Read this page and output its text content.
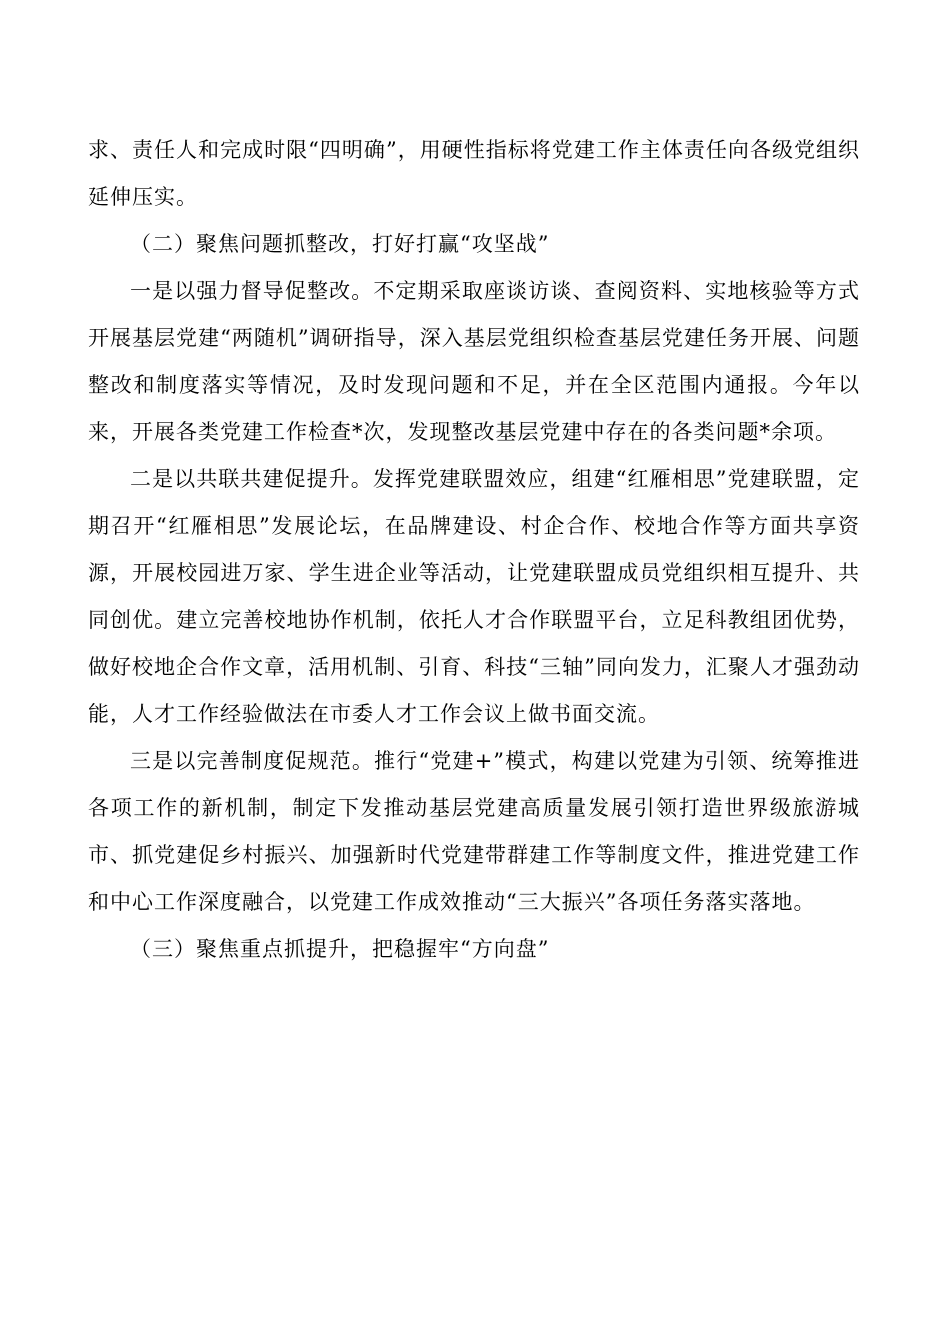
求、责任人和完成时限“四明确”，用硬性指标将党建工作主体责任向各级党组织延伸压实。

（二）聚焦问题抓整改，打好打赢“攻坚战”

一是以强力督导促整改。不定期采取座谈访谈、查阅资料、实地核验等方式开展基层党建“两随机”调研指导，深入基层党组织检查基层党建任务开展、问题整改和制度落实等情况，及时发现问题和不足，并在全区范围内通报。今年以来，开展各类党建工作检查*次，发现整改基层党建中存在的各类问题*余项。

二是以共联共建促提升。发挥党建联盟效应，组建“红雁相思”党建联盟，定期召开“红雁相思”发展论坛，在品牌建设、村企合作、校地合作等方面共享资源，开展校园进万家、学生进企业等活动，让党建联盟成员党组织相互提升、共同创优。建立完善校地协作机制，依托人才合作联盟平台，立足科教组团优势，做好校地企合作文章，活用机制、引育、科技“三轴”同向发力，汇聚人才强劲动能，人才工作经验做法在市委人才工作会议上做书面交流。

三是以完善制度促规范。推行“党建+”模式，构建以党建为引领、统筹推进各项工作的新机制，制定下发推动基层党建高质量发展引领打造世界级旅游城市、抓党建促乡村振兴、加强新时代党建带群建工作等制度文件，推进党建工作和中心工作深度融合，以党建工作成效推动“三大振兴”各项任务落实落地。

（三）聚焦重点抓提升，把稳握牢“方向盘”
